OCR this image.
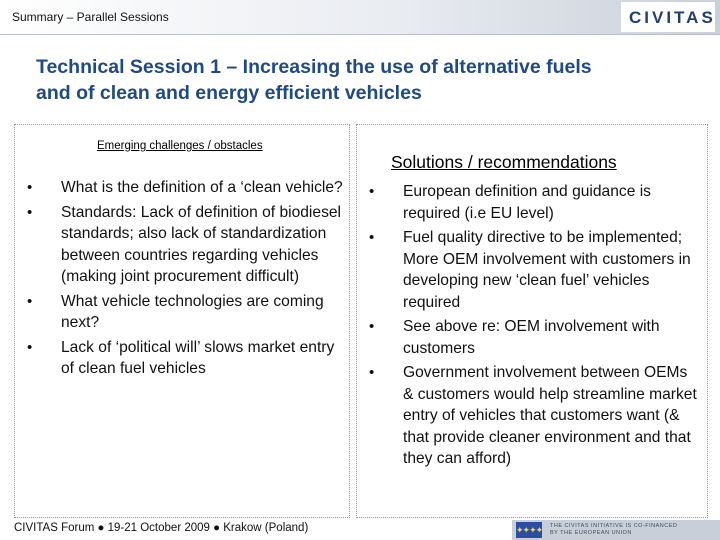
Summary – Parallel Sessions	CIVITAS
Technical Session 1 – Increasing the use of alternative fuels
and of clean and energy efficient vehicles
Emerging challenges / obstacles
• What is the definition of a ‘clean vehicle?
• Standards: Lack of definition of biodiesel standards; also lack of standardization between countries regarding vehicles (making joint procurement difficult)
• What vehicle technologies are coming next?
• Lack of ‘political will’ slows market entry of clean fuel vehicles
Solutions / recommendations
• European definition and guidance is required (i.e EU level)
• Fuel quality directive to be implemented; More OEM involvement with customers in developing new ‘clean fuel’ vehicles required
• See above re: OEM involvement with customers
• Government involvement between OEMs & customers would help streamline market entry of vehicles that customers want (& that provide cleaner environment and that they can afford)
CIVITAS Forum ● 19-21 October 2009 ● Krakow (Poland)	✦✦✦✦ THE CIVITAS INITIATIVE IS CO-FINANCED
BY THE EUROPEAN UNION
